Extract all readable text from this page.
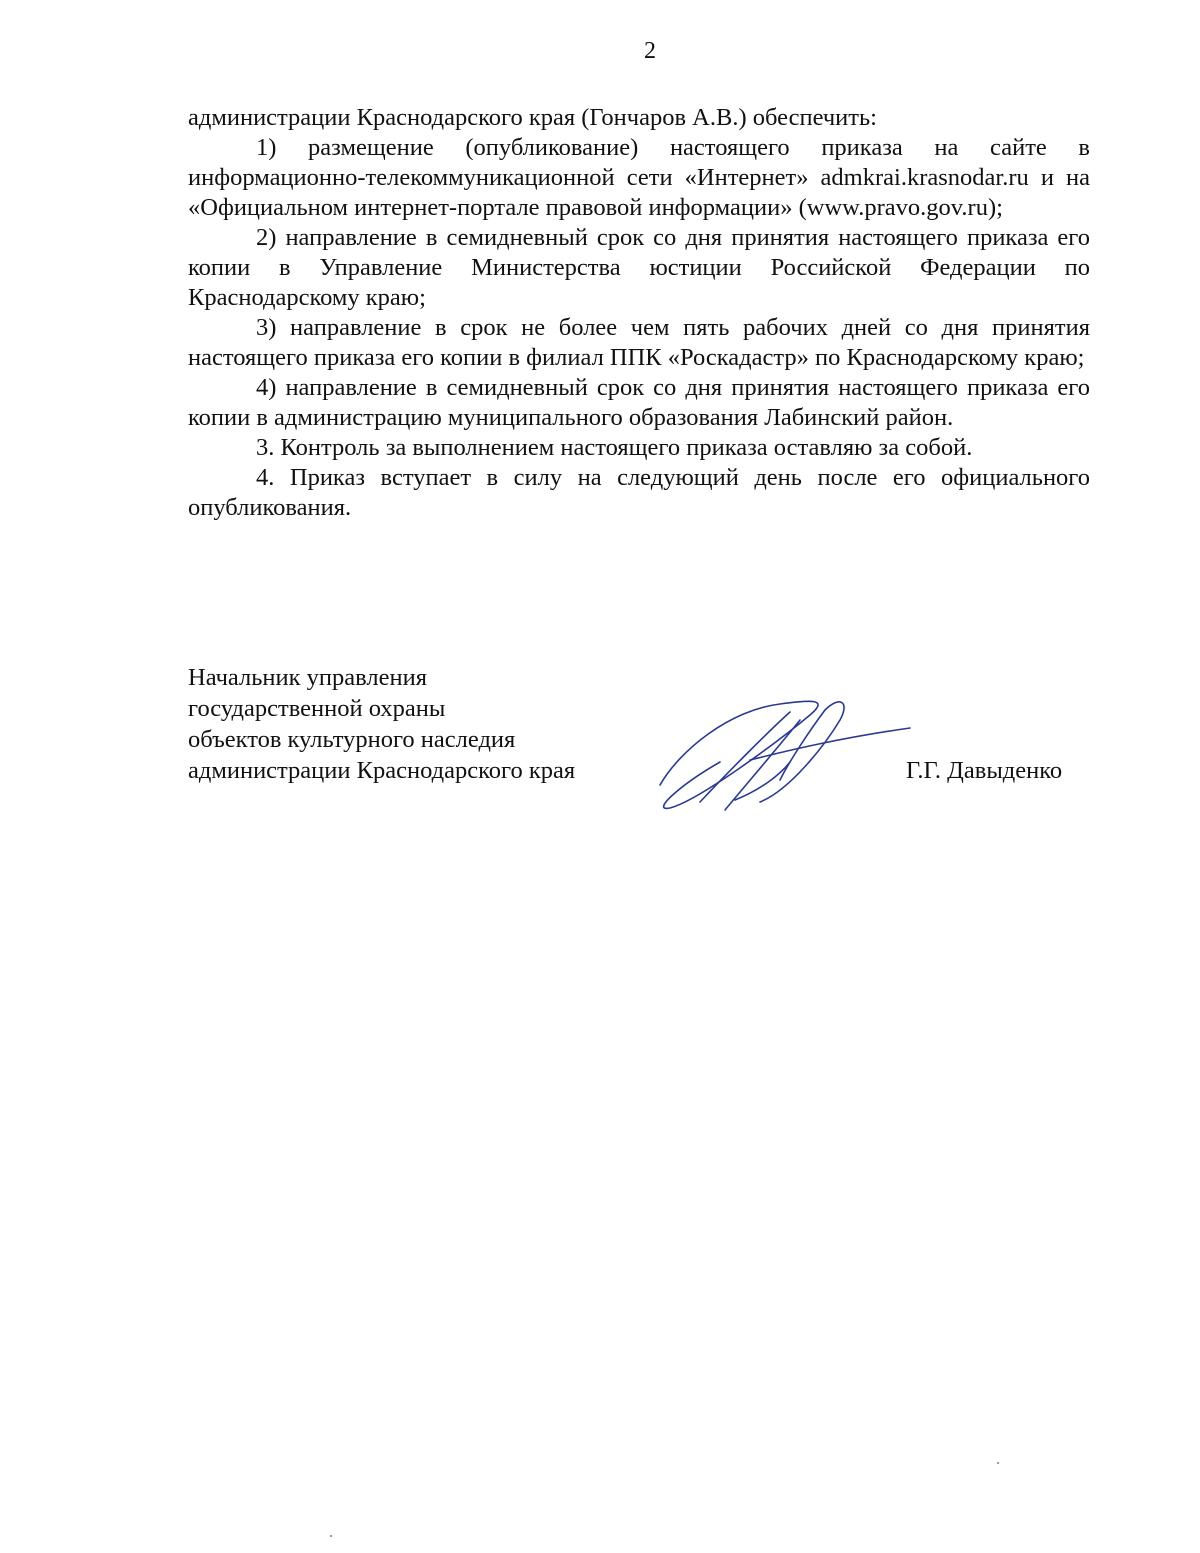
2

администрации Краснодарского края (Гончаров А.В.) обеспечить:

1) размещение (опубликование) настоящего приказа на сайте в информационно-телекоммуникационной сети «Интернет» admkrai.krasnodar.ru и на «Официальном интернет-портале правовой информации» (www.pravo.gov.ru);

2) направление в семидневный срок со дня принятия настоящего приказа его копии в Управление Министерства юстиции Российской Федерации по Краснодарскому краю;

3) направление в срок не более чем пять рабочих дней со дня принятия настоящего приказа его копии в филиал ППК «Роскадастр» по Краснодарскому краю;

4) направление в семидневный срок со дня принятия настоящего приказа его копии в администрацию муниципального образования Лабинский район.

3. Контроль за выполнением настоящего приказа оставляю за собой.

4. Приказ вступает в силу на следующий день после его официального опубликования.

Начальник управления
государственной охраны
объектов культурного наследия
администрации Краснодарского края	Г.Г. Давыденко
